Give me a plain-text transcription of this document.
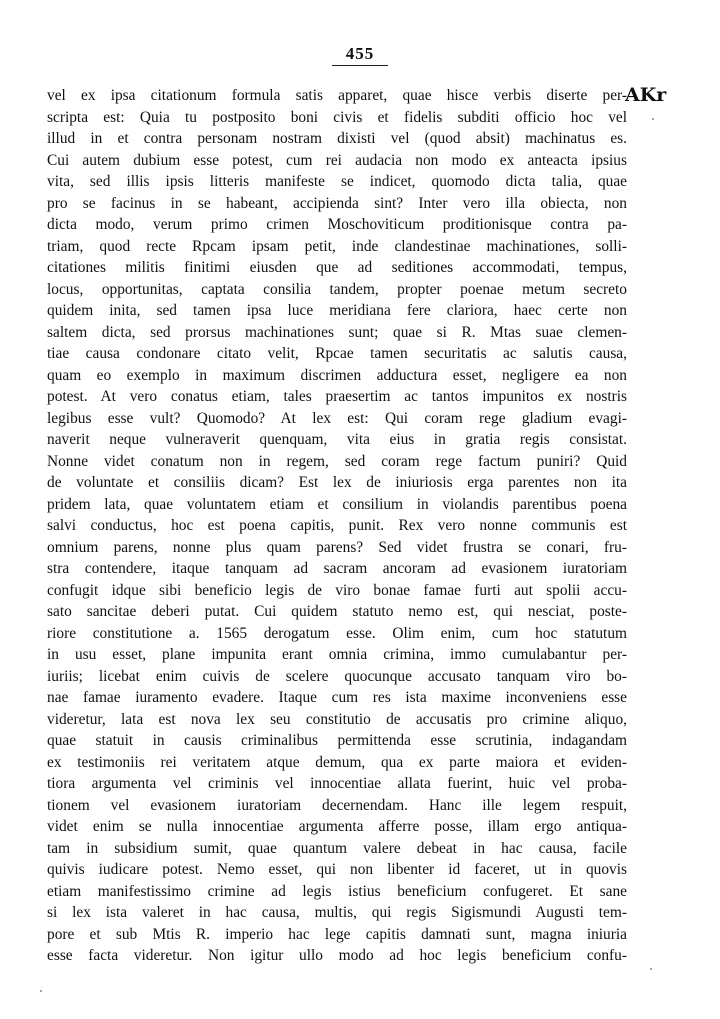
455
AKr
vel ex ipsa citationum formula satis apparet, quae hisce verbis diserte per-
scripta est: Quia tu postposito boni civis et fidelis subditi officio hoc vel
illud in et contra personam nostram dixisti vel (quod absit) machinatus es.
Cui autem dubium esse potest, cum rei audacia non modo ex anteacta ipsius
vita, sed illis ipsis litteris manifeste se indicet, quomodo dicta talia, quae
pro se facinus in se habeant, accipienda sint? Inter vero illa obiecta, non
dicta modo, verum primo crimen Moschoviticum proditionisque contra pa-
triam, quod recte Rpcam ipsam petit, inde clandestinae machinationes, solli-
citationes militis finitimi eiusden que ad seditiones accommodati, tempus,
locus, opportunitas, captata consilia tandem, propter poenae metum secreto
quidem inita, sed tamen ipsa luce meridiana fere clariora, haec certe non
saltem dicta, sed prorsus machinationes sunt; quae si R. Mtas suae clemen-
tiae causa condonare citato velit, Rpcae tamen securitatis ac salutis causa,
quam eo exemplo in maximum discrimen adductura esset, negligere ea non
potest. At vero conatus etiam, tales praesertim ac tantos impunitos ex nostris
legibus esse vult? Quomodo? At lex est: Qui coram rege gladium evagi-
naverit neque vulneraverit quenquam, vita eius in gratia regis consistat.
Nonne videt conatum non in regem, sed coram rege factum puniri? Quid
de voluntate et consiliis dicam? Est lex de iniuriosis erga parentes non ita
pridem lata, quae voluntatem etiam et consilium in violandis parentibus poena
salvi conductus, hoc est poena capitis, punit. Rex vero nonne communis est
omnium parens, nonne plus quam parens? Sed videt frustra se conari, fru-
stra contendere, itaque tanquam ad sacram ancoram ad evasionem iuratoriam
confugit idque sibi beneficio legis de viro bonae famae furti aut spolii accu-
sato sancitae deberi putat. Cui quidem statuto nemo est, qui nesciat, poste-
riore constitutione a. 1565 derogatum esse. Olim enim, cum hoc statutum
in usu esset, plane impunita erant omnia crimina, immo cumulabantur per-
iuriis; licebat enim cuivis de scelere quocunque accusato tanquam viro bo-
nae famae iuramento evadere. Itaque cum res ista maxime inconveniens esse
videretur, lata est nova lex seu constitutio de accusatis pro crimine aliquo,
quae statuit in causis criminalibus permittenda esse scrutinia, indagandam
ex testimoniis rei veritatem atque demum, qua ex parte maiora et eviden-
tiora argumenta vel criminis vel innocentiae allata fuerint, huic vel proba-
tionem vel evasionem iuratoriam decernendam. Hanc ille legem respuit,
videt enim se nulla innocentiae argumenta afferre posse, illam ergo antiqua-
tam in subsidium sumit, quae quantum valere debeat in hac causa, facile
quivis iudicare potest. Nemo esset, qui non libenter id faceret, ut in quovis
etiam manifestissimo crimine ad legis istius beneficium confugeret. Et sane
si lex ista valeret in hac causa, multis, qui regis Sigismundi Augusti tem-
pore et sub Mtis R. imperio hac lege capitis damnati sunt, magna iniuria
esse facta videretur. Non igitur ullo modo ad hoc legis beneficium confu-
